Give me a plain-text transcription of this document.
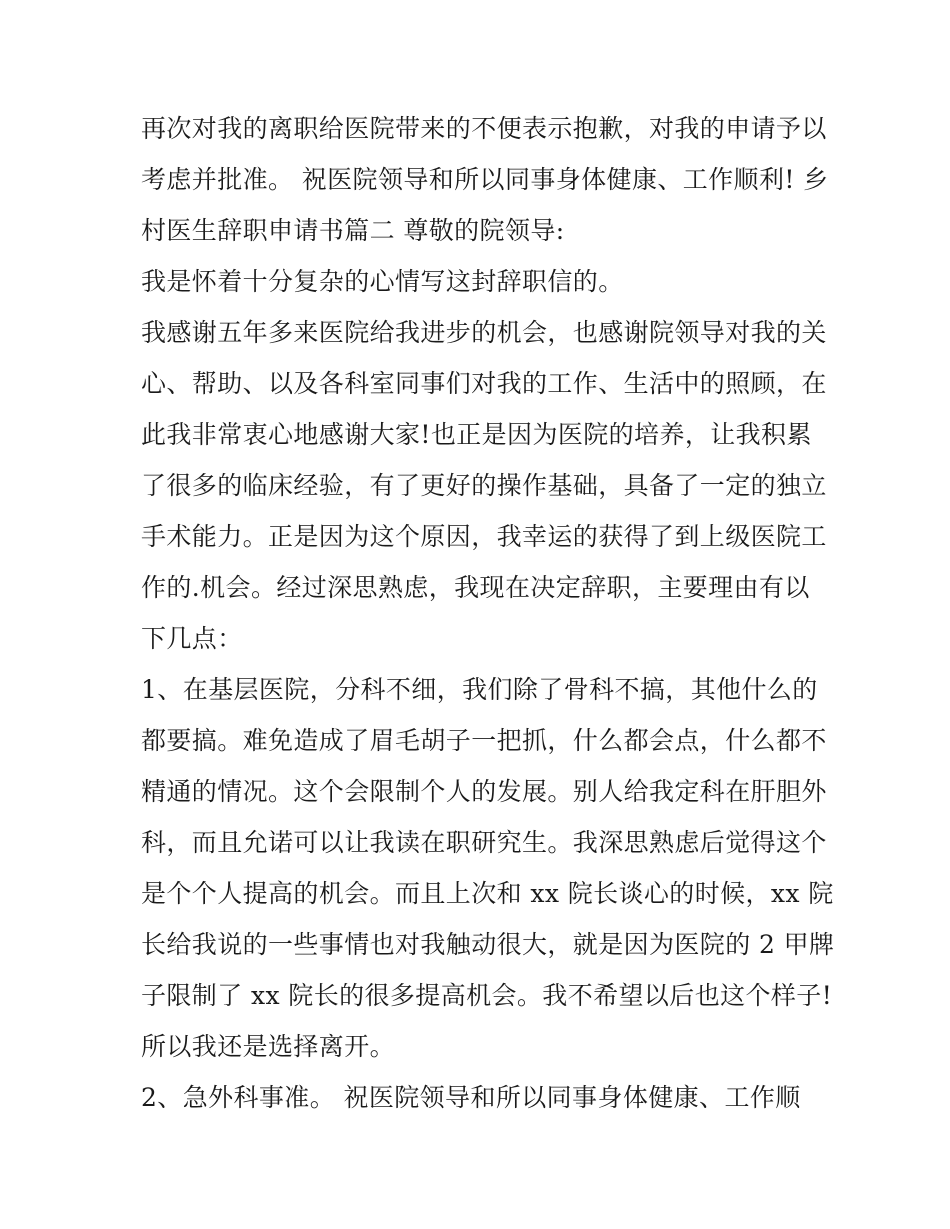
再次对我的离职给医院带来的不便表示抱歉，对我的申请予以
考虑并批准。 祝医院领导和所以同事身体健康、工作顺利! 乡
村医生辞职申请书篇二 尊敬的院领导:
我是怀着十分复杂的心情写这封辞职信的。
我感谢五年多来医院给我进步的机会，也感谢院领导对我的关
心、帮助、以及各科室同事们对我的工作、生活中的照顾，在
此我非常衷心地感谢大家!也正是因为医院的培养，让我积累
了很多的临床经验，有了更好的操作基础，具备了一定的独立
手术能力。正是因为这个原因，我幸运的获得了到上级医院工
作的.机会。经过深思熟虑，我现在决定辞职，主要理由有以
下几点：
1、在基层医院，分科不细，我们除了骨科不搞，其他什么的
都要搞。难免造成了眉毛胡子一把抓，什么都会点，什么都不
精通的情况。这个会限制个人的发展。别人给我定科在肝胆外
科，而且允诺可以让我读在职研究生。我深思熟虑后觉得这个
是个个人提高的机会。而且上次和 xx 院长谈心的时候，xx 院
长给我说的一些事情也对我触动很大，就是因为医院的 2 甲牌
子限制了 xx 院长的很多提高机会。我不希望以后也这个样子!
所以我还是选择离开。
2、急外科事准。 祝医院领导和所以同事身体健康、工作顺
